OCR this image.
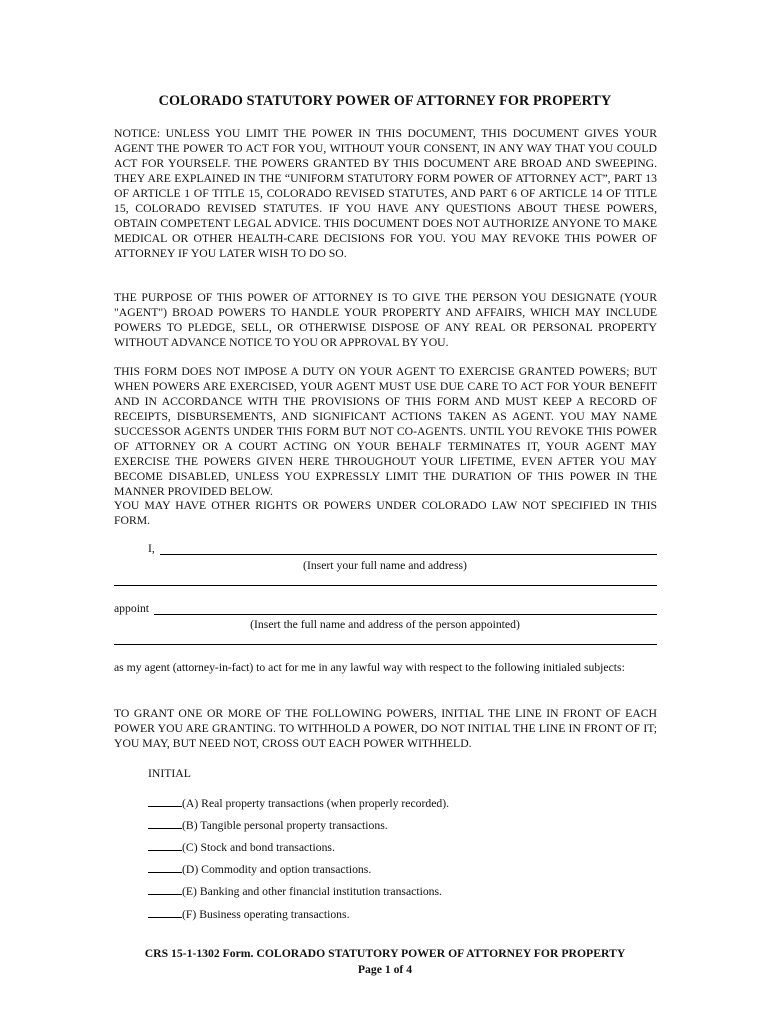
COLORADO STATUTORY POWER OF ATTORNEY FOR PROPERTY
NOTICE: UNLESS YOU LIMIT THE POWER IN THIS DOCUMENT, THIS DOCUMENT GIVES YOUR AGENT THE POWER TO ACT FOR YOU, WITHOUT YOUR CONSENT, IN ANY WAY THAT YOU COULD ACT FOR YOURSELF. THE POWERS GRANTED BY THIS DOCUMENT ARE BROAD AND SWEEPING. THEY ARE EXPLAINED IN THE “UNIFORM STATUTORY FORM POWER OF ATTORNEY ACT”, PART 13 OF ARTICLE 1 OF TITLE 15, COLORADO REVISED STATUTES, AND PART 6 OF ARTICLE 14 OF TITLE 15, COLORADO REVISED STATUTES. IF YOU HAVE ANY QUESTIONS ABOUT THESE POWERS, OBTAIN COMPETENT LEGAL ADVICE. THIS DOCUMENT DOES NOT AUTHORIZE ANYONE TO MAKE MEDICAL OR OTHER HEALTH-CARE DECISIONS FOR YOU. YOU MAY REVOKE THIS POWER OF ATTORNEY IF YOU LATER WISH TO DO SO.
THE PURPOSE OF THIS POWER OF ATTORNEY IS TO GIVE THE PERSON YOU DESIGNATE (YOUR "AGENT") BROAD POWERS TO HANDLE YOUR PROPERTY AND AFFAIRS, WHICH MAY INCLUDE POWERS TO PLEDGE, SELL, OR OTHERWISE DISPOSE OF ANY REAL OR PERSONAL PROPERTY WITHOUT ADVANCE NOTICE TO YOU OR APPROVAL BY YOU.
THIS FORM DOES NOT IMPOSE A DUTY ON YOUR AGENT TO EXERCISE GRANTED POWERS; BUT WHEN POWERS ARE EXERCISED, YOUR AGENT MUST USE DUE CARE TO ACT FOR YOUR BENEFIT AND IN ACCORDANCE WITH THE PROVISIONS OF THIS FORM AND MUST KEEP A RECORD OF RECEIPTS, DISBURSEMENTS, AND SIGNIFICANT ACTIONS TAKEN AS AGENT. YOU MAY NAME SUCCESSOR AGENTS UNDER THIS FORM BUT NOT CO-AGENTS. UNTIL YOU REVOKE THIS POWER OF ATTORNEY OR A COURT ACTING ON YOUR BEHALF TERMINATES IT, YOUR AGENT MAY EXERCISE THE POWERS GIVEN HERE THROUGHOUT YOUR LIFETIME, EVEN AFTER YOU MAY BECOME DISABLED, UNLESS YOU EXPRESSLY LIMIT THE DURATION OF THIS POWER IN THE MANNER PROVIDED BELOW.
YOU MAY HAVE OTHER RIGHTS OR POWERS UNDER COLORADO LAW NOT SPECIFIED IN THIS FORM.
I,
(Insert your full name and address)
appoint
(Insert the full name and address of the person appointed)
as my agent (attorney-in-fact) to act for me in any lawful way with respect to the following initialed subjects:
TO GRANT ONE OR MORE OF THE FOLLOWING POWERS, INITIAL THE LINE IN FRONT OF EACH POWER YOU ARE GRANTING. TO WITHHOLD A POWER, DO NOT INITIAL THE LINE IN FRONT OF IT; YOU MAY, BUT NEED NOT, CROSS OUT EACH POWER WITHHELD.
INITIAL
(A) Real property transactions (when properly recorded).
(B) Tangible personal property transactions.
(C) Stock and bond transactions.
(D) Commodity and option transactions.
(E) Banking and other financial institution transactions.
(F) Business operating transactions.
CRS 15-1-1302 Form. COLORADO STATUTORY POWER OF ATTORNEY FOR PROPERTY
Page 1 of 4
